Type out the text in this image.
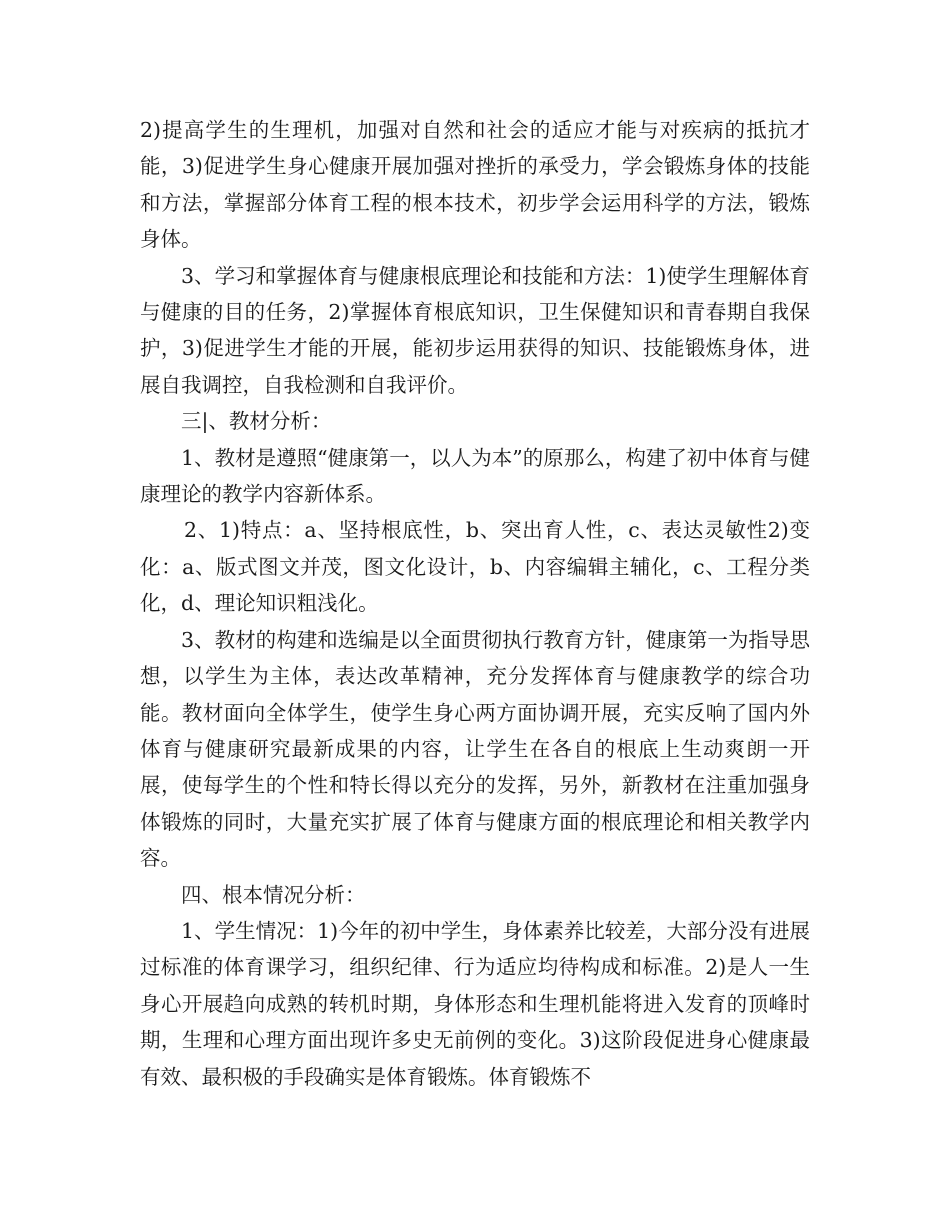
2)提高学生的生理机，加强对自然和社会的适应才能与对疾病的抵抗才能，3)促进学生身心健康开展加强对挫折的承受力，学会锻炼身体的技能和方法，掌握部分体育工程的根本技术，初步学会运用科学的方法，锻炼身体。

3、学习和掌握体育与健康根底理论和技能和方法：1)使学生理解体育与健康的目的任务，2)掌握体育根底知识，卫生保健知识和青春期自我保护，3)促进学生才能的开展，能初步运用获得的知识、技能锻炼身体，进展自我调控，自我检测和自我评价。

三|、教材分析：

1、教材是遵照“健康第一，以人为本”的原那么，构建了初中体育与健康理论的教学内容新体系。

2、1)特点：a、坚持根底性，b、突出育人性，c、表达灵敏性2)变化：a、版式图文并茂，图文化设计，b、内容编辑主辅化，c、工程分类化，d、理论知识粗浅化。

3、教材的构建和选编是以全面贯彻执行教育方针，健康第一为指导思想，以学生为主体，表达改革精神，充分发挥体育与健康教学的综合功能。教材面向全体学生，使学生身心两方面协调开展，充实反响了国内外体育与健康研究最新成果的内容，让学生在各自的根底上生动爽朗一开展，使每学生的个性和特长得以充分的发挥，另外，新教材在注重加强身体锻炼的同时，大量充实扩展了体育与健康方面的根底理论和相关教学内容。

四、根本情况分析：

1、学生情况：1)今年的初中学生，身体素养比较差，大部分没有进展过标准的体育课学习，组织纪律、行为适应均待构成和标准。2)是人一生身心开展趋向成熟的转机时期，身体形态和生理机能将进入发育的顶峰时期，生理和心理方面出现许多史无前例的变化。3)这阶段促进身心健康最有效、最积极的手段确实是体育锻炼。体育锻炼不
